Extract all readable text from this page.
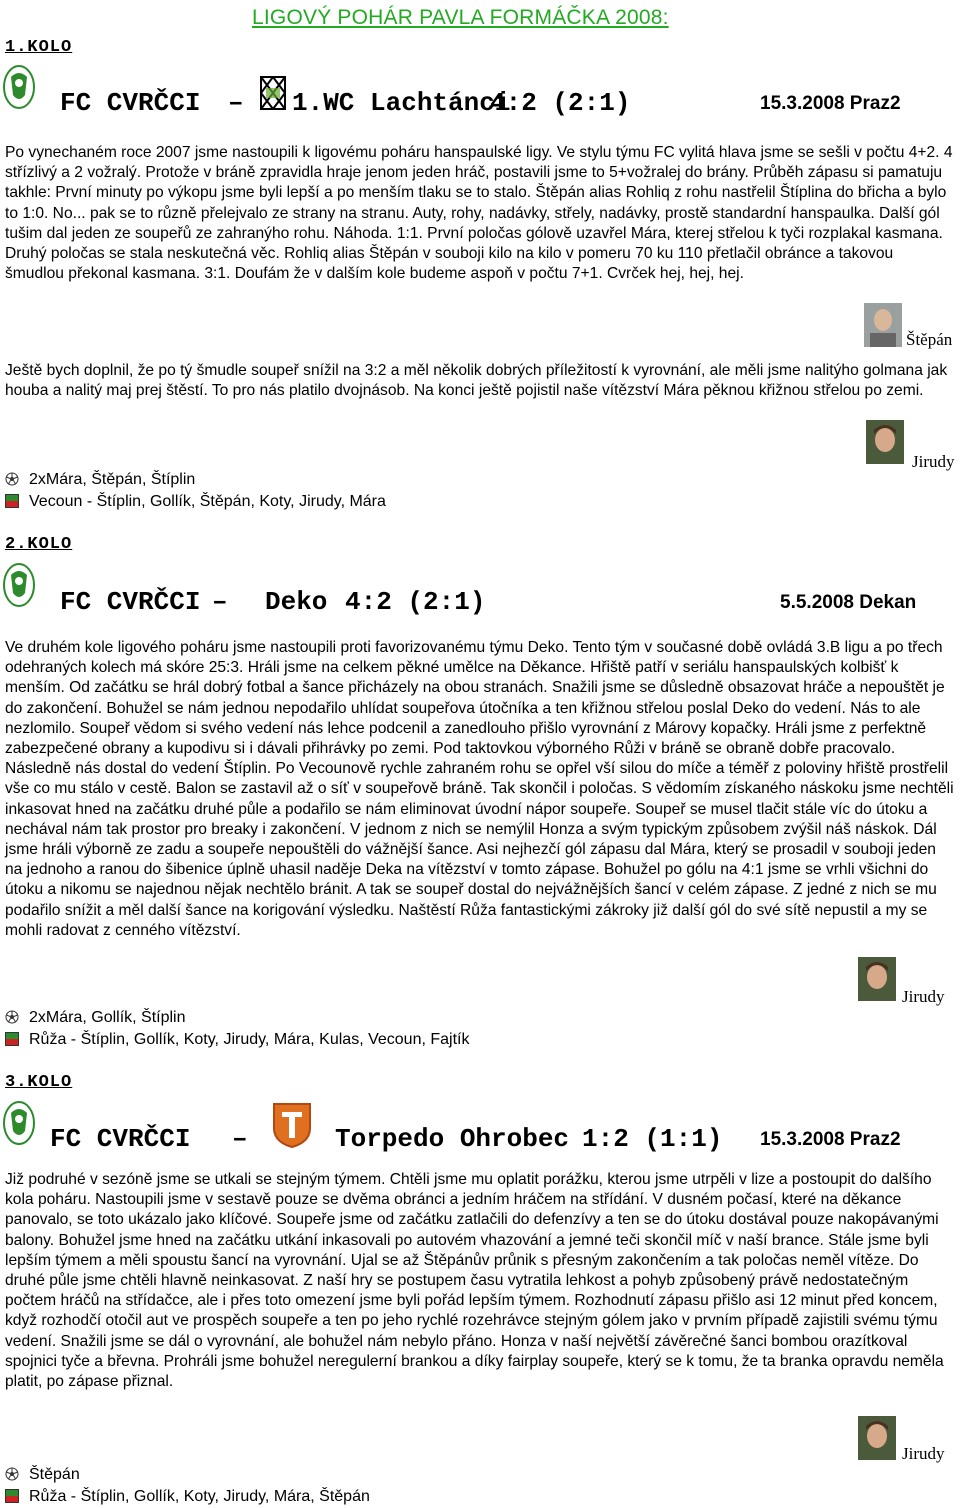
1.KOLO
LIGOVÝ POHÁR PAVLA FORMÁČKA 2008:
FC CVRČCI – 1.WC Lachtánci
4:2 (2:1)	15.3.2008 Praz2

Po vynechaném roce 2007 jsme nastoupili k ligovému poháru hanspaulské ligy. Ve stylu týmu FC vylitá hlava jsme se sešli v počtu 4+2. 4 střízlivý a 2 vožralý. Protože v bráně zpravidla hraje jenom jeden hráč, postavili jsme to 5+vožralej do brány. Průběh zápasu si pamatuju takhle: První minuty po výkopu jsme byli lepší a po menším tlaku se to stalo. Štěpán alias Rohliq z rohu nastřelil Štíplina do břicha a bylo to 1:0. No... pak se to různě přelejvalo ze strany na stranu. Auty, rohy, nadávky, střely, nadávky, prostě standardní hanspaulka. Další gól tušim dal jeden ze soupeřů ze zahranýho rohu. Náhoda. 1:1. První poločas gólově uzavřel Mára, kterej střelou k tyči rozplakal kasmana. Druhý poločas se stala neskutečná věc. Rohliq alias Štěpán v souboji kilo na kilo v pomeru 70 ku 110 přetlačil obránce a takovou šmudlou překonal kasmana. 3:1. Doufám že v dalším kole budeme aspoň v počtu 7+1. Cvrček hej, hej, hej.

Štěpán

Ještě bych doplnil, že po tý šmudle soupeř snížil na 3:2 a měl několik dobrých příležitostí k vyrovnání, ale měli jsme nalitýho golmana jak houba a nalitý maj prej štěstí. To pro nás platilo dvojnásob. Na konci ještě pojistil naše vítězství Mára pěknou křižnou střelou po zemi.

Jirudy
2xMára, Štěpán, Štíplin
Vecoun - Štíplin, Gollík, Štěpán, Koty, Jirudy, Mára
2.KOLO
FC CVRČCI – Deko 4:2 (2:1)	5.5.2008 Dekan

Ve druhém kole ligového poháru jsme nastoupili proti favorizovanému týmu Deko. Tento tým v současné době ovládá 3.B ligu a po třech odehraných kolech má skóre 25:3. Hráli jsme na celkem pěkné umělce na Děkance. Hřiště patří v seriálu hanspaulských kolbišť k menším. Od začátku se hrál dobrý fotbal a šance přicházely na obou stranách. Snažili jsme se důsledně obsazovat hráče a nepouštět je do zakončení. Bohužel se nám jednou nepodařilo uhlídat soupeřova útočníka a ten křižnou střelou poslal Deko do vedení. Nás to ale nezlomilo. Soupeř vědom si svého vedení nás lehce podcenil a zanedlouho přišlo vyrovnání z Márovy kopačky. Hráli jsme z perfektně zabezpečené obrany a kupodivu si i dávali přihrávky po zemi. Pod taktovkou výborného Růži v bráně se obraně dobře pracovalo. Následně nás dostal do vedení Štíplin. Po Vecounově rychle zahraném rohu se opřel vší silou do míče a téměř z poloviny hřiště prostřelil vše co mu stálo v cestě. Balon se zastavil až o síť v soupeřově bráně. Tak skončil i poločas. S vědomím získaného náskoku jsme nechtěli inkasovat hned na začátku druhé půle a podařilo se nám eliminovat úvodní nápor soupeře. Soupeř se musel tlačit stále víc do útoku a nechával nám tak prostor pro breaky i zakončení. V jednom z nich se nemýlil Honza a svým typickým způsobem zvýšil náš náskok. Dál jsme hráli výborně ze zadu a soupeře nepouštěli do vážnější šance. Asi nejhezčí gól zápasu dal Mára, který se prosadil v souboji jeden na jednoho a ranou do šibenice úplně uhasil naděje Deka na vítězství v tomto zápase. Bohužel po gólu na 4:1 jsme se vrhli všichni do útoku a nikomu se najednou nějak nechtělo bránit. A tak se soupeř dostal do nejvážnějších šancí v celém zápase. Z jedné z nich se mu podařilo snížit a měl další šance na korigování výsledku. Naštěstí Růža fantastickými zákroky již další gól do své sítě nepustil a my se mohli radovat z cenného vítězství.

Jirudy
2xMára, Gollík, Štíplin
Růža - Štíplin, Gollík, Koty, Jirudy, Mára, Kulas, Vecoun, Fajtík
3.KOLO
FC CVRČCI –	Torpedo Ohrobec 1:2 (1:1) 15.3.2008 Praz2

Již podruhé v sezóně jsme se utkali se stejným týmem. Chtěli jsme mu oplatit porážku, kterou jsme utrpěli v lize a postoupit do dalšího kola poháru. Nastoupili jsme v sestavě pouze se dvěma obránci a jedním hráčem na střídání. V dusném počasí, které na děkance panovalo, se toto ukázalo jako klíčové. Soupeře jsme od začátku zatlačili do defenzívy a ten se do útoku dostával pouze nakopávanými balony. Bohužel jsme hned na začátku utkání inkasovali po autovém vhazování a jemné teči skončil míč v naší brance. Stále jsme byli lepším týmem a měli spoustu šancí na vyrovnání. Ujal se až Štěpánův průnik s přesným zakončením a tak poločas neměl vítěze. Do druhé půle jsme chtěli hlavně neinkasovat. Z naší hry se postupem času vytratila lehkost a pohyb způsobený právě nedostatečným počtem hráčů na střídačce, ale i přes toto omezení jsme byli pořád lepším týmem. Rozhodnutí zápasu přišlo asi 12 minut před koncem, když rozhodčí otočil aut ve prospěch soupeře a ten po jeho rychlé rozehrávce stejným gólem jako v prvním případě zajistili svému týmu vedení. Snažili jsme se dál o vyrovnání, ale bohužel nám nebylo přáno. Honza v naší největší závěrečné šanci bombou orazítkoval spojnici tyče a břevna. Prohráli jsme bohužel neregulerní brankou a díky fairplay soupeře, který se k tomu, že ta branka opravdu neměla platit, po zápase přiznal.

Jirudy
Štěpán
Růža - Štíplin, Gollík, Koty, Jirudy, Mára, Štěpán
